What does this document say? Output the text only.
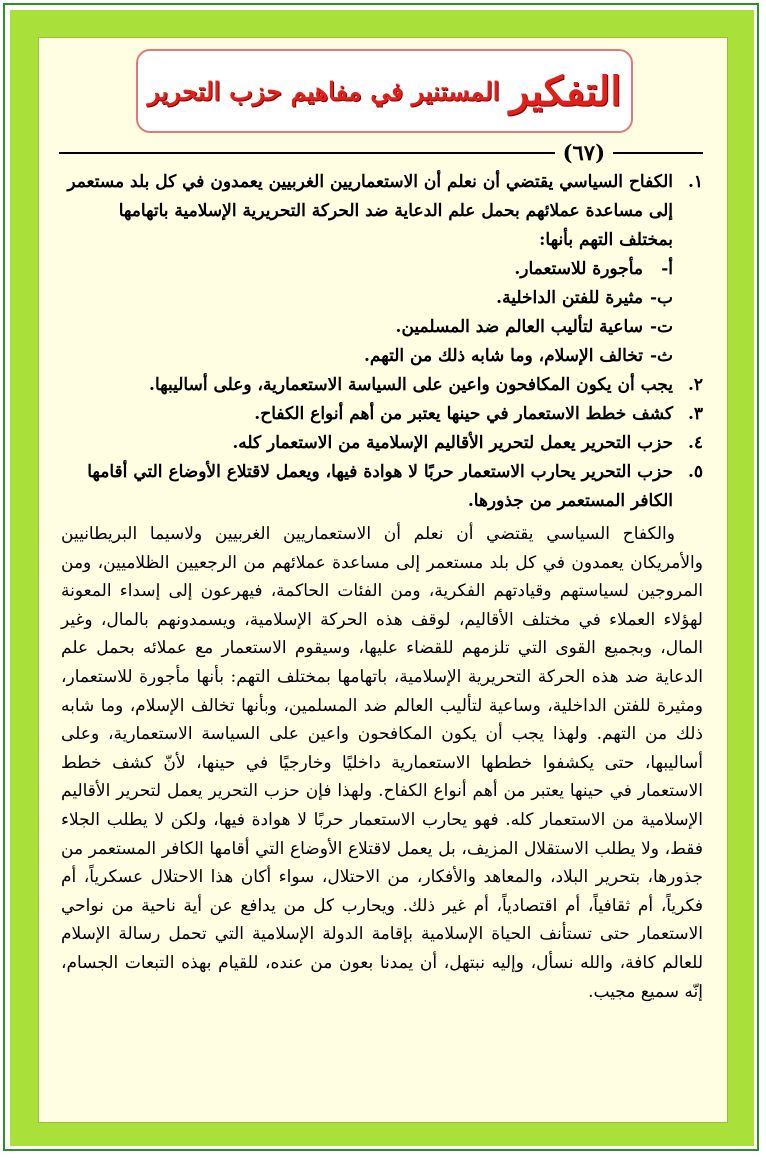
التفكير
المستنير في مفاهيم حزب التحرير
(٦٧)
١.
الكفاح السياسي يقتضي أن نعلم أن الاستعماريين الغربيين يعمدون في كل بلد مستعمر إلى مساعدة عملائهم بحمل علم الدعاية ضد الحركة التحريرية الإسلامية باتهامها بمختلف التهم بأنها:
أ-
مأجورة للاستعمار.
ب-
مثيرة للفتن الداخلية.
ت-
ساعية لتأليب العالم ضد المسلمين.
ث-
تخالف الإسلام، وما شابه ذلك من التهم.
٢.
يجب أن يكون المكافحون واعين على السياسة الاستعمارية، وعلى أساليبها.
٣.
كشف خطط الاستعمار في حينها يعتبر من أهم أنواع الكفاح.
٤.
حزب التحرير يعمل لتحرير الأقاليم الإسلامية من الاستعمار كله.
٥.
حزب التحرير يحارب الاستعمار حربًا لا هوادة فيها، ويعمل لاقتلاع الأوضاع التي أقامها الكافر المستعمر من جذورها.

والكفاح السياسي يقتضي أن نعلم أن الاستعماريين الغربيين ولاسيما البريطانيين والأمريكان يعمدون في كل بلد مستعمر إلى مساعدة عملائهم من الرجعيين الظلاميين، ومن المروجين لسياستهم وقيادتهم الفكرية، ومن الفئات الحاكمة، فيهرعون إلى إسداء المعونة لهؤلاء العملاء في مختلف الأقاليم، لوقف هذه الحركة الإسلامية، ويسمدونهم بالمال، وغير المال، وبجميع القوى التي تلزمهم للقضاء عليها، وسيقوم الاستعمار مع عملائه بحمل علم الدعاية ضد هذه الحركة التحريرية الإسلامية، باتهامها بمختلف التهم: بأنها مأجورة للاستعمار، ومثيرة للفتن الداخلية، وساعية لتأليب العالم ضد المسلمين، وبأنها تخالف الإسلام، وما شابه ذلك من التهم. ولهذا يجب أن يكون المكافحون واعين على السياسة الاستعمارية، وعلى أساليبها، حتى يكشفوا خططها الاستعمارية داخليًا وخارجيًا في حينها، لأنّ كشف خطط الاستعمار في حينها يعتبر من أهم أنواع الكفاح. ولهذا فإن حزب التحرير يعمل لتحرير الأقاليم الإسلامية من الاستعمار كله. فهو يحارب الاستعمار حربًا لا هوادة فيها، ولكن لا يطلب الجلاء فقط، ولا يطلب الاستقلال المزيف، بل يعمل لاقتلاع الأوضاع التي أقامها الكافر المستعمر من جذورها، بتحرير البلاد، والمعاهد والأفكار، من الاحتلال، سواء أكان هذا الاحتلال عسكرياً، أم فكرياً، أم ثقافياً، أم اقتصادياً، أم غير ذلك. ويحارب كل من يدافع عن أية ناحية من نواحي الاستعمار حتى تستأنف الحياة الإسلامية بإقامة الدولة الإسلامية التي تحمل رسالة الإسلام للعالم كافة، والله نسأل، وإليه نبتهل، أن يمدنا بعون من عنده، للقيام بهذه التبعات الجسام، إنّه سميع مجيب.
